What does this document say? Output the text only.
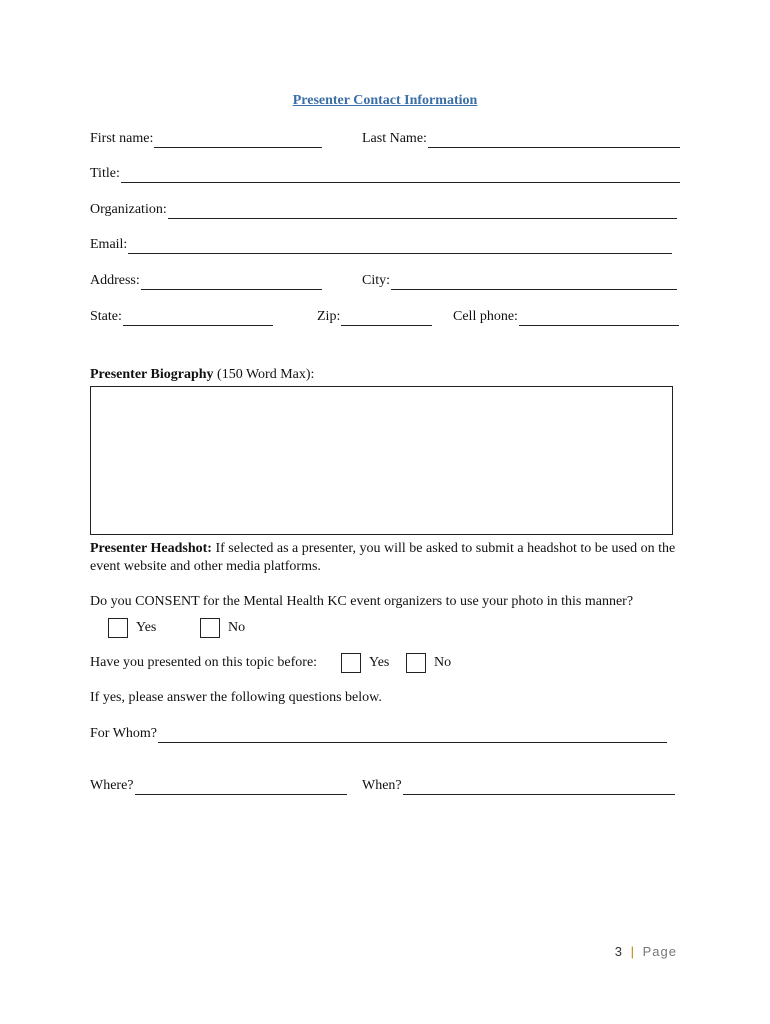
Presenter Contact Information
First name:	Last Name:
Title:
Organization:
Email:
Address:	City:
State:	Zip:	Cell phone:
Presenter Biography (150 Word Max):
Presenter Headshot: If selected as a presenter, you will be asked to submit a headshot to be used on the event website and other media platforms.
Do you CONSENT for the Mental Health KC event organizers to use your photo in this manner?
Yes	No
Have you presented on this topic before:	Yes	No
If yes, please answer the following questions below.
For Whom?
Where?	When?
3 | Page
